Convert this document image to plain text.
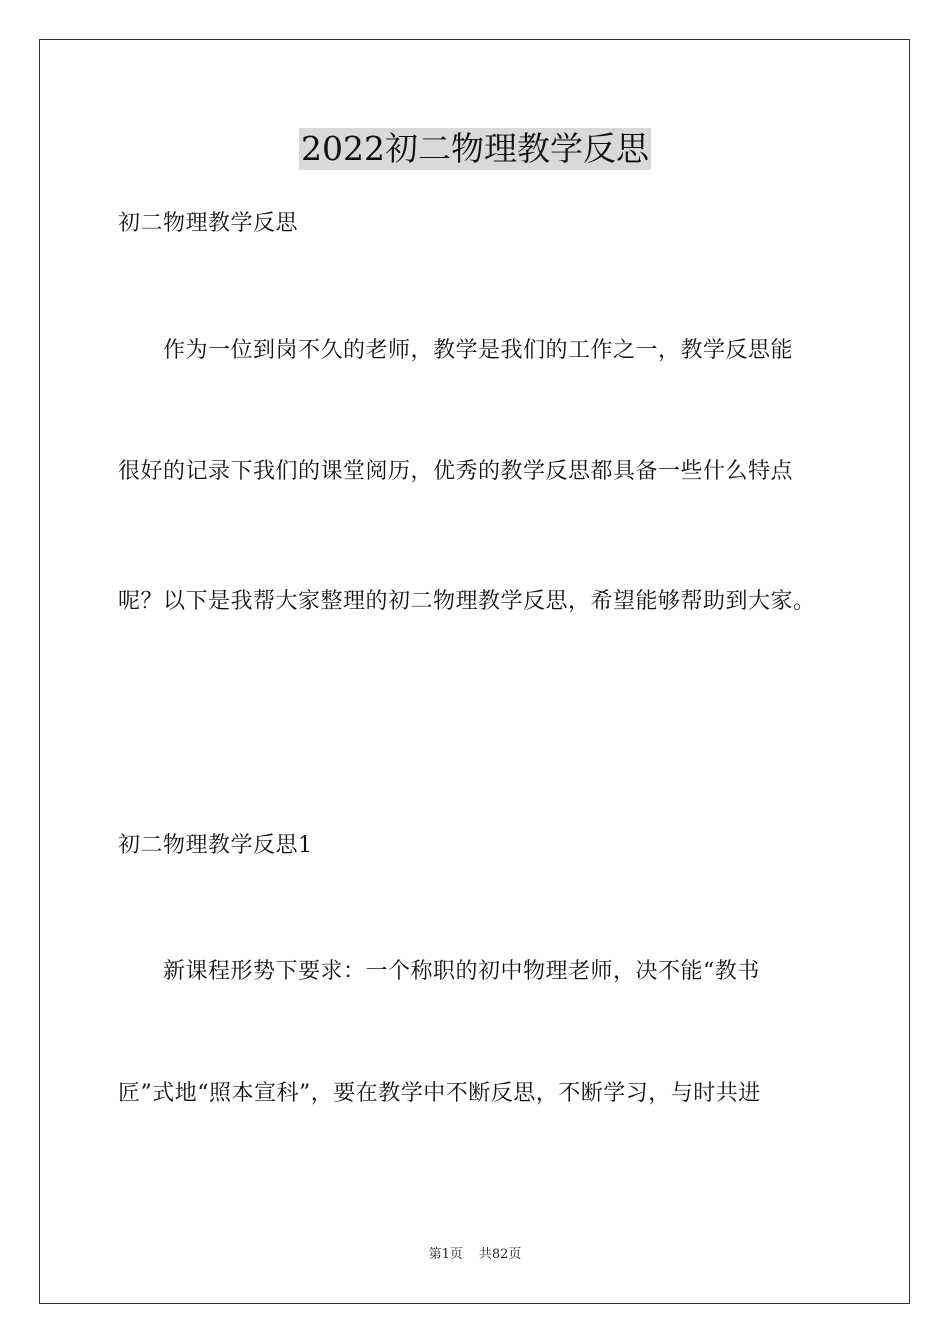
2022初二物理教学反思
初二物理教学反思
作为一位到岗不久的老师，教学是我们的工作之一，教学反思能
很好的记录下我们的课堂阅历，优秀的教学反思都具备一些什么特点
呢？以下是我帮大家整理的初二物理教学反思，希望能够帮助到大家。
初二物理教学反思1
新课程形势下要求：一个称职的初中物理老师，决不能“教书
匠”式地“照本宣科”，要在教学中不断反思，不断学习，与时共进
第1页 共82页
